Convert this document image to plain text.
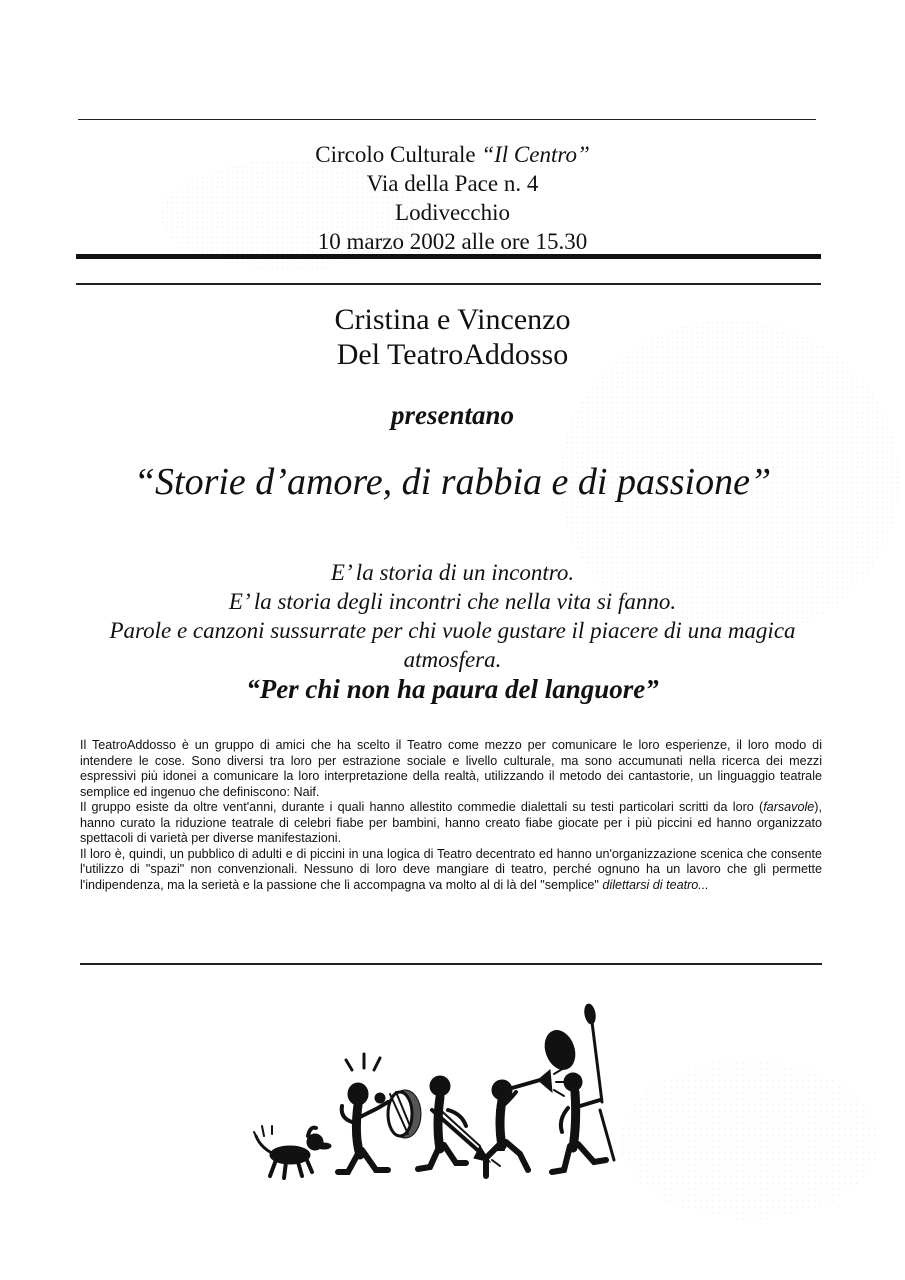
Circolo Culturale “Il Centro”
Via della Pace n. 4
Lodivecchio
10 marzo 2002 alle ore 15.30
Cristina e Vincenzo
Del TeatroAddosso
presentano
“Storie d’amore, di rabbia e di passione”
E’ la storia di un incontro.
E’ la storia degli incontri che nella vita si fanno.
Parole e canzoni sussurrate per chi vuole gustare il piacere di una magica atmosfera.
“Per chi non ha paura del languore”

Il TeatroAddosso è un gruppo di amici che ha scelto il Teatro come mezzo per comunicare le loro esperienze, il loro modo di intendere le cose. Sono diversi tra loro per estrazione sociale e livello culturale, ma sono accumunati nella ricerca dei mezzi espressivi più idonei a comunicare la loro interpretazione della realtà, utilizzando il metodo dei cantastorie, un linguaggio teatrale semplice ed ingenuo che definiscono: Naif.

Il gruppo esiste da oltre vent'anni, durante i quali hanno allestito commedie dialettali su testi particolari scritti da loro (farsavole), hanno curato la riduzione teatrale di celebri fiabe per bambini, hanno creato fiabe giocate per i più piccini ed hanno organizzato spettacoli di varietà per diverse manifestazioni.

Il loro è, quindi, un pubblico di adulti e di piccini in una logica di Teatro decentrato ed hanno un'organizzazione scenica che consente l'utilizzo di "spazi" non convenzionali. Nessuno di loro deve mangiare di teatro, perché ognuno ha un lavoro che gli permette l'indipendenza, ma la serietà e la passione che li accompagna va molto al di là del "semplice" dilettarsi di teatro...
